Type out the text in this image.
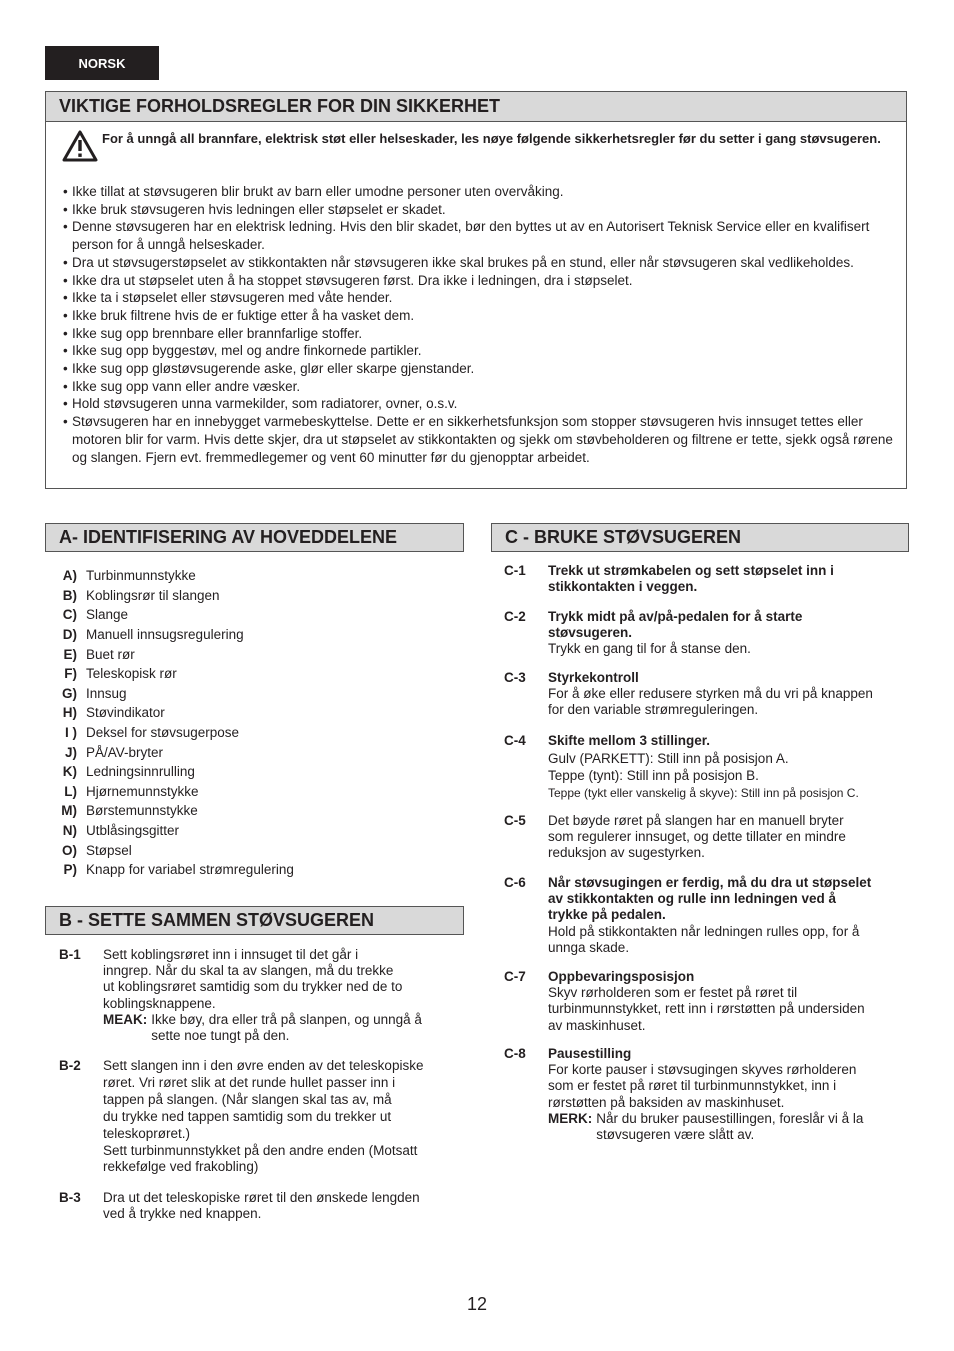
NORSK
VIKTIGE FORHOLDSREGLER FOR DIN SIKKERHET
For å unngå all brannfare, elektrisk støt eller helseskader, les nøye følgende sikkerhetsregler før du setter i gang støvsugeren.
• Ikke tillat at støvsugeren blir brukt av barn eller umodne personer uten overvåking.
• Ikke bruk støvsugeren hvis ledningen eller støpselet er skadet.
• Denne støvsugeren har en elektrisk ledning. Hvis den blir skadet, bør den byttes ut av en Autorisert Teknisk Service eller en kvalifisert person for å unngå helseskader.
• Dra ut støvsugerstøpselet av stikkontakten når støvsugeren ikke skal brukes på en stund, eller når støvsugeren skal vedlikeholdes.
• Ikke dra ut støpselet uten å ha stoppet støvsugeren først. Dra ikke i ledningen, dra i støpselet.
• Ikke ta i støpselet eller støvsugeren med våte hender.
• Ikke bruk filtrene hvis de er fuktige etter å ha vasket dem.
• Ikke sug opp brennbare eller brannfarlige stoffer.
• Ikke sug opp byggestøv, mel og andre finkornede partikler.
• Ikke sug opp gløstøvsugerende aske, glør eller skarpe gjenstander.
• Ikke sug opp vann eller andre væsker.
• Hold støvsugeren unna varmekilder, som radiatorer, ovner, o.s.v.
• Støvsugeren har en innebygget varmebeskyttelse. Dette er en sikkerhetsfunksjon som stopper støvsugeren hvis innsuget tettes eller motoren blir for varm. Hvis dette skjer, dra ut støpselet av stikkontakten og sjekk om støvbeholderen og filtrene er tette, sjekk også rørene og slangen. Fjern evt. fremmedlegemer og vent 60 minutter før du gjenopptar arbeidet.
A- IDENTIFISERING AV HOVEDDELENE
A) Turbinmunnstykke
B) Koblingsrør til slangen
C) Slange
D) Manuell innsugsregulering
E) Buet rør
F) Teleskopisk rør
G) Innsug
H) Støvindikator
I ) Deksel for støvsugerpose
J) PÅ/AV-bryter
K) Ledningsinnrulling
L) Hjørnemunnstykke
M) Børstemunnstykke
N) Utblåsingsgitter
O) Støpsel
P) Knapp for variabel strømregulering
B - SETTE SAMMEN STØVSUGEREN
B-1	Sett koblingsrøret inn i innsuget til det går i
inngrep. Når du skal ta av slangen, må du trekke
ut koblingsrøret samtidig som du trykker ned de to
koblingsknappene.
MEAK: Ikke bøy, dra eller trå på slanpen, og unngå å
sette noe tungt på den.
B-2	Sett slangen inn i den øvre enden av det teleskopiske
røret. Vri røret slik at det runde hullet passer inn i
tappen på slangen. (Når slangen skal tas av, må
du trykke ned tappen samtidig som du trekker ut
teleskoprøret.)
Sett turbinmunnstykket på den andre enden (Motsatt
rekkefølge ved frakobling)
B-3	Dra ut det teleskopiske røret til den ønskede lengden
ved å trykke ned knappen.
C - BRUKE STØVSUGEREN
C-1	Trekk ut strømkabelen og sett støpselet inn i
stikkontakten i veggen.
C-2	Trykk midt på av/på-pedalen for å starte
støvsugeren.
Trykk en gang til for å stanse den.
C-3	Styrkekontroll
For å øke eller redusere styrken må du vri på knappen
for den variable strømreguleringen.
C-4	Skifte mellom 3 stillinger.
Gulv (PARKETT): Still inn på posisjon A.
Teppe (tynt): Still inn på posisjon B.
Teppe (tykt eller vanskelig å skyve): Still inn på posisjon C.
C-5	Det bøyde røret på slangen har en manuell bryter
som regulerer innsuget, og dette tillater en mindre
reduksjon av sugestyrken.
C-6	Når støvsugingen er ferdig, må du dra ut støpselet
av stikkontakten og rulle inn ledningen ved å
trykke på pedalen.
Hold på stikkontakten når ledningen rulles opp, for å
unnga skade.
C-7	Oppbevaringsposisjon
Skyv rørholderen som er festet på røret til
turbinmunnstykket, rett inn i rørstøtten på undersiden
av maskinhuset.
C-8	Pausestilling
For korte pauser i støvsugingen skyves rørholderen
som er festet på røret til turbinmunnstykket, inn i
rørstøtten på baksiden av maskinhuset.
MERK: Når du bruker pausestillingen, foreslår vi å la
støvsugeren være slått av.
12
